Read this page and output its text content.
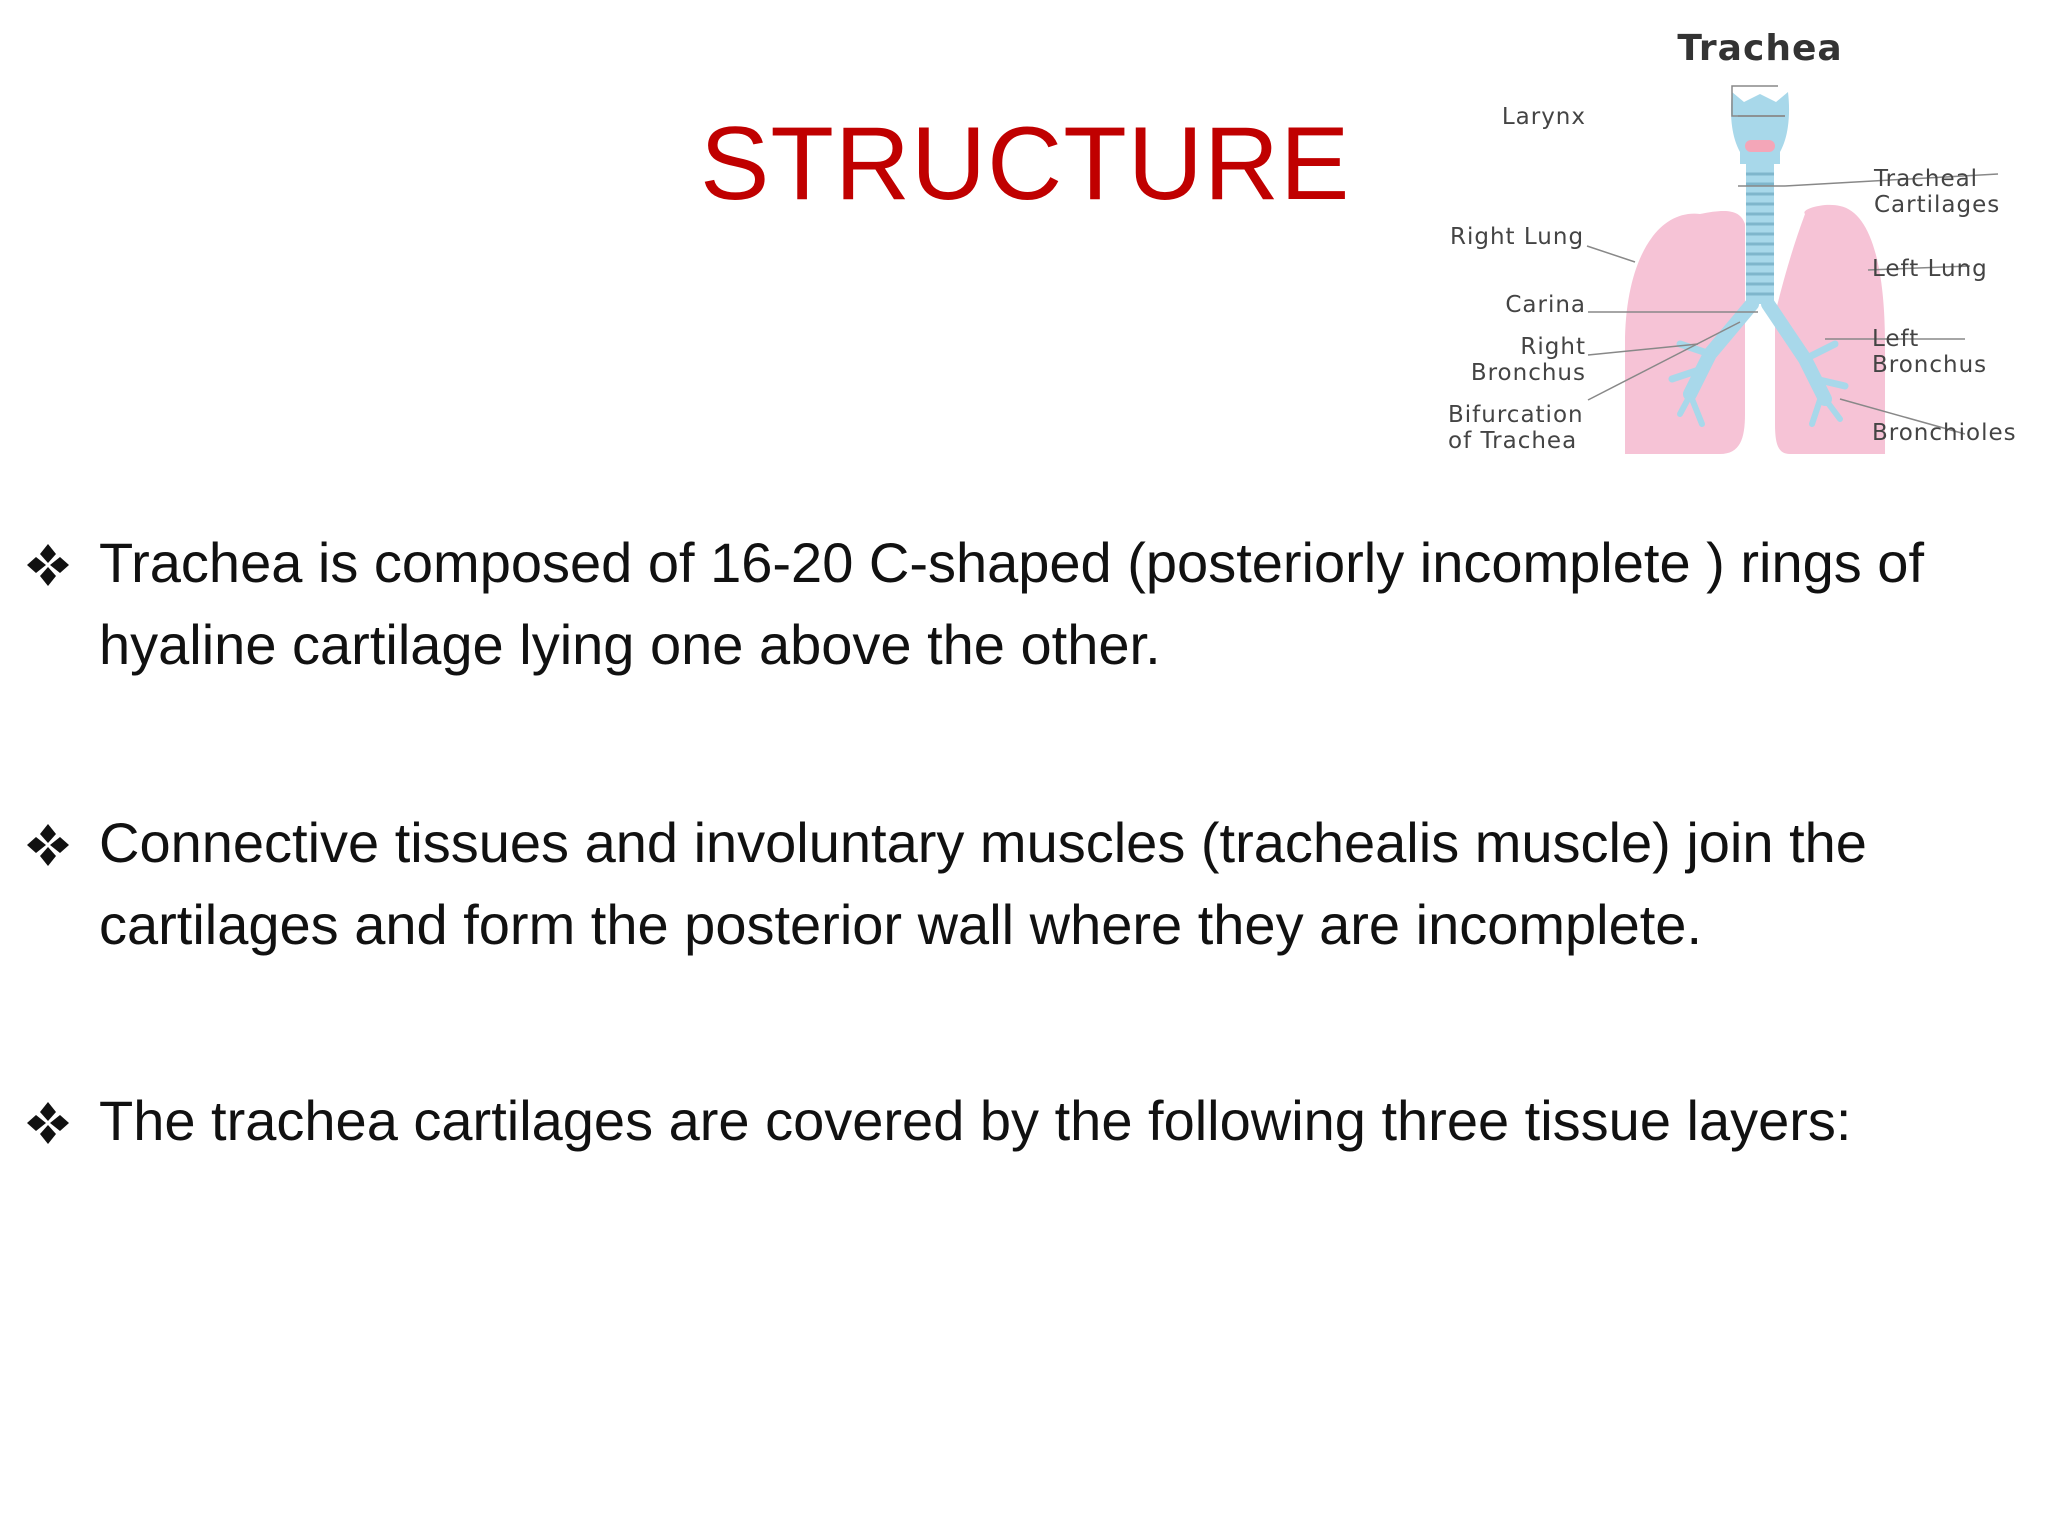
STRUCTURE
Trachea
Larynx
Tracheal
Cartilages
Right Lung
Left Lung
Carina
Right
Bronchus
Left
Bronchus
Bifurcation
of Trachea	Bronchioles
Trachea is composed of 16-20 C-shaped (posteriorly incomplete ) rings of hyaline cartilage lying one above the other.
Connective tissues and involuntary muscles (trachealis muscle) join the cartilages and form the posterior wall where they are incomplete.
The trachea cartilages are covered by the following three tissue layers:
